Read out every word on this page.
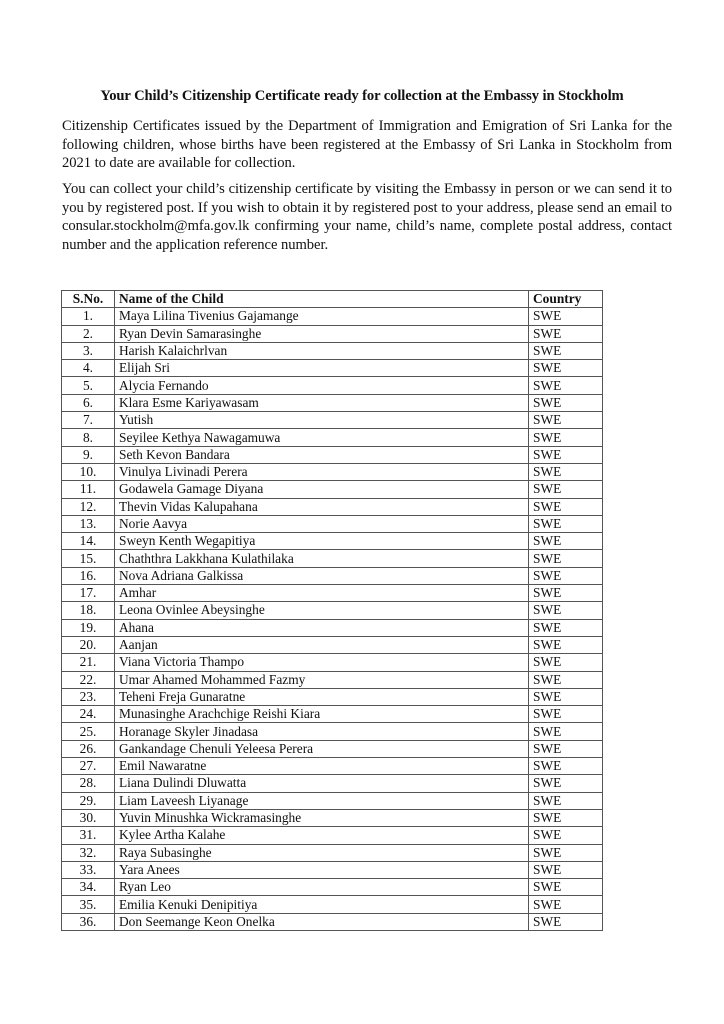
Your Child’s Citizenship Certificate ready for collection at the Embassy in Stockholm
Citizenship Certificates issued by the Department of Immigration and Emigration of Sri Lanka for the following children, whose births have been registered at the Embassy of Sri Lanka in Stockholm from 2021 to date are available for collection.
You can collect your child’s citizenship certificate by visiting the Embassy in person or we can send it to you by registered post. If you wish to obtain it by registered post to your address, please send an email to consular.stockholm@mfa.gov.lk confirming your name, child’s name, complete postal address, contact number and the application reference number.
S.No.	Name of the Child	Country
1.	Maya Lilina Tivenius Gajamange	SWE
2.	Ryan Devin Samarasinghe	SWE
3.	Harish Kalaichrlvan	SWE
4.	Elijah Sri	SWE
5.	Alycia Fernando	SWE
6.	Klara Esme Kariyawasam	SWE
7.	Yutish	SWE
8.	Seyilee Kethya Nawagamuwa	SWE
9.	Seth Kevon Bandara	SWE
10.	Vinulya Livinadi Perera	SWE
11.	Godawela Gamage Diyana	SWE
12.	Thevin Vidas Kalupahana	SWE
13.	Norie Aavya	SWE
14.	Sweyn Kenth Wegapitiya	SWE
15.	Chaththra Lakkhana Kulathilaka	SWE
16.	Nova Adriana Galkissa	SWE
17.	Amhar	SWE
18.	Leona Ovinlee Abeysinghe	SWE
19.	Ahana	SWE
20.	Aanjan	SWE
21.	Viana Victoria Thampo	SWE
22.	Umar Ahamed Mohammed Fazmy	SWE
23.	Teheni Freja Gunaratne	SWE
24.	Munasinghe Arachchige Reishi Kiara	SWE
25.	Horanage Skyler Jinadasa	SWE
26.	Gankandage Chenuli Yeleesa Perera	SWE
27.	Emil Nawaratne	SWE
28.	Liana Dulindi Dluwatta	SWE
29.	Liam Laveesh Liyanage	SWE
30.	Yuvin Minushka Wickramasinghe	SWE
31.	Kylee Artha Kalahe	SWE
32.	Raya Subasinghe	SWE
33.	Yara Anees	SWE
34.	Ryan Leo	SWE
35.	Emilia Kenuki Denipitiya	SWE
36.	Don Seemange Keon Onelka	SWE
